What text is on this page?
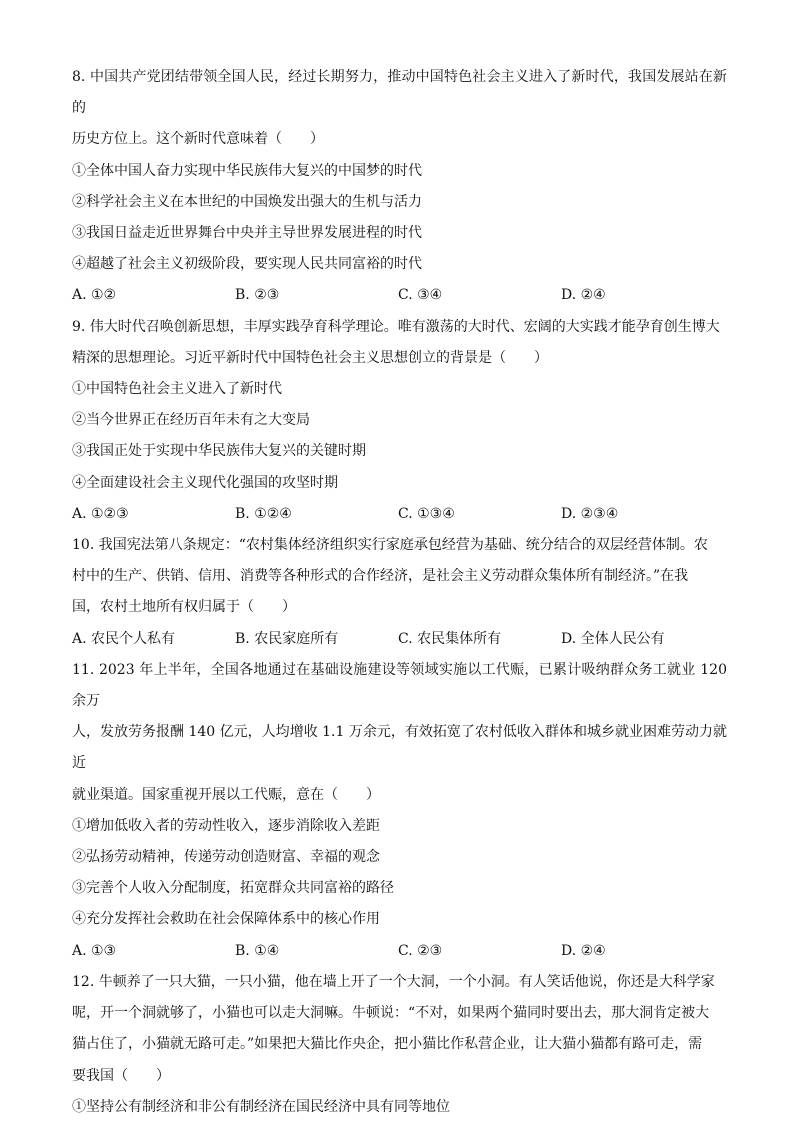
8. 中国共产党团结带领全国人民，经过长期努力，推动中国特色社会主义进入了新时代，我国发展站在新的
历史方位上。这个新时代意味着（　　）
①全体中国人奋力实现中华民族伟大复兴的中国梦的时代
②科学社会主义在本世纪的中国焕发出强大的生机与活力
③我国日益走近世界舞台中央并主导世界发展进程的时代
④超越了社会主义初级阶段，要实现人民共同富裕的时代
A. ①②	B. ②③	C. ③④	D. ②④
9. 伟大时代召唤创新思想，丰厚实践孕育科学理论。唯有激荡的大时代、宏阔的大实践才能孕育创生博大
精深的思想理论。习近平新时代中国特色社会主义思想创立的背景是（　　）
①中国特色社会主义进入了新时代
②当今世界正在经历百年未有之大变局
③我国正处于实现中华民族伟大复兴的关键时期
④全面建设社会主义现代化强国的攻坚时期
A. ①②③	B. ①②④	C. ①③④	D. ②③④
10. 我国宪法第八条规定：“农村集体经济组织实行家庭承包经营为基础、统分结合的双层经营体制。农
村中的生产、供销、信用、消费等各种形式的合作经济，是社会主义劳动群众集体所有制经济。”在我
国，农村土地所有权归属于（　　）
A. 农民个人私有	B. 农民家庭所有	C. 农民集体所有	D. 全体人民公有
11. 2023 年上半年，全国各地通过在基础设施建设等领域实施以工代赈，已累计吸纳群众务工就业 120 余万
人，发放劳务报酬 140 亿元，人均增收 1.1 万余元，有效拓宽了农村低收入群体和城乡就业困难劳动力就近
就业渠道。国家重视开展以工代赈，意在（　　）
①增加低收入者的劳动性收入，逐步消除收入差距
②弘扬劳动精神，传递劳动创造财富、幸福的观念
③完善个人收入分配制度，拓宽群众共同富裕的路径
④充分发挥社会救助在社会保障体系中的核心作用
A. ①③	B. ①④	C. ②③	D. ②④
12. 牛顿养了一只大猫，一只小猫，他在墙上开了一个大洞，一个小洞。有人笑话他说，你还是大科学家
呢，开一个洞就够了，小猫也可以走大洞嘛。牛顿说：“不对，如果两个猫同时要出去，那大洞肯定被大
猫占住了，小猫就无路可走。”如果把大猫比作央企，把小猫比作私营企业，让大猫小猫都有路可走，需
要我国（　　）
①坚持公有制经济和非公有制经济在国民经济中具有同等地位
